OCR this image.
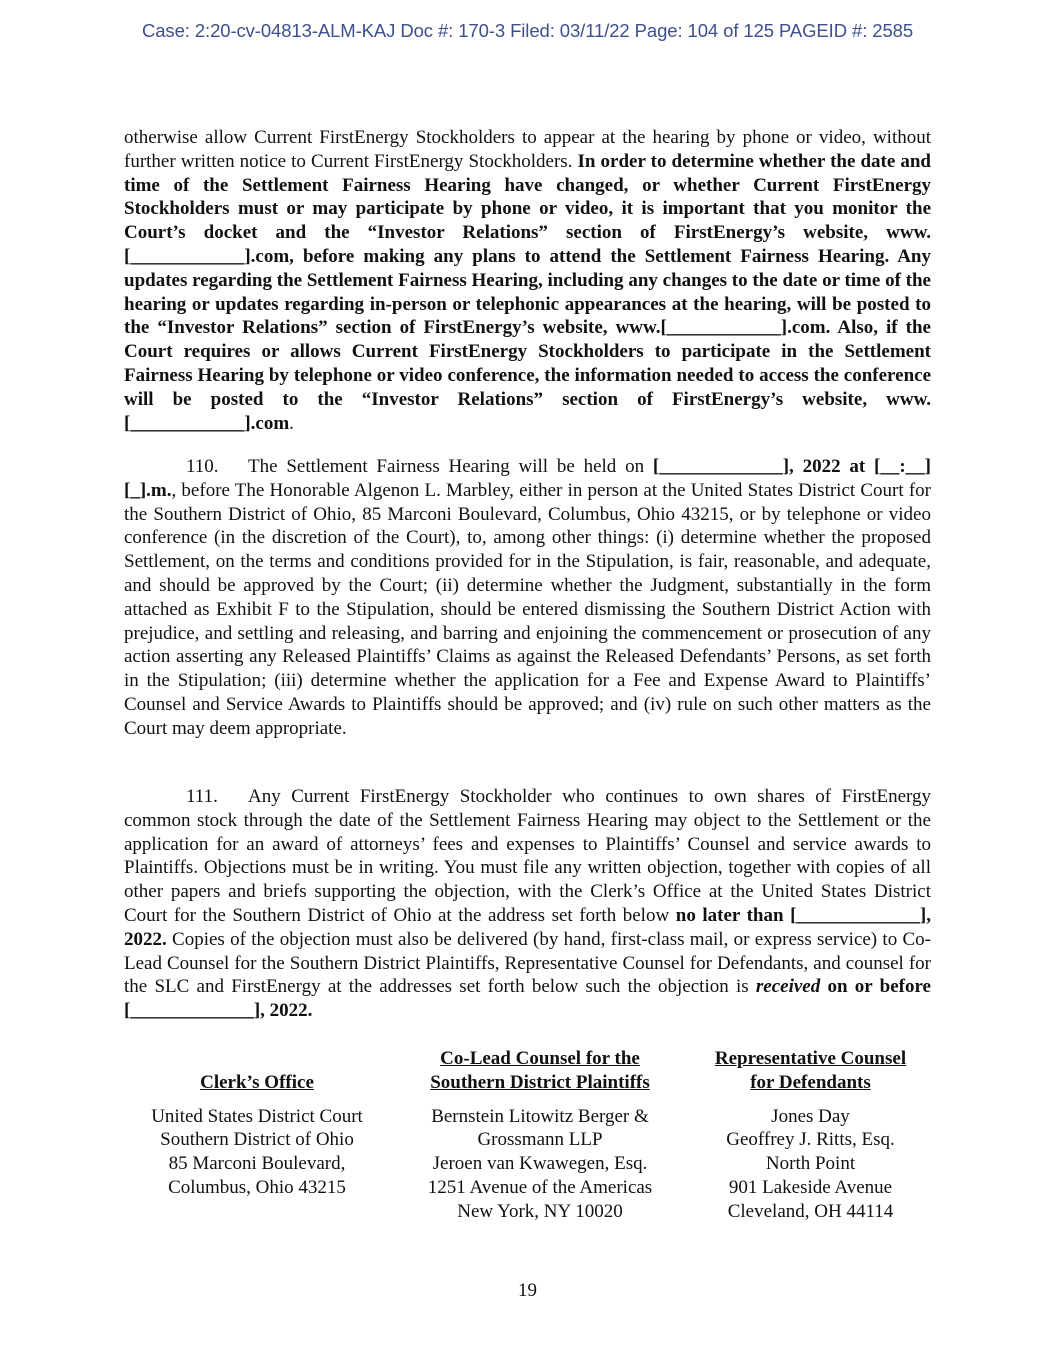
Case: 2:20-cv-04813-ALM-KAJ Doc #: 170-3 Filed: 03/11/22 Page: 104 of 125 PAGEID #: 2585

otherwise allow Current FirstEnergy Stockholders to appear at the hearing by phone or video, without further written notice to Current FirstEnergy Stockholders. In order to determine whether the date and time of the Settlement Fairness Hearing have changed, or whether Current FirstEnergy Stockholders must or may participate by phone or video, it is important that you monitor the Court’s docket and the “Investor Relations” section of FirstEnergy’s website, www.[____________].com, before making any plans to attend the Settlement Fairness Hearing. Any updates regarding the Settlement Fairness Hearing, including any changes to the date or time of the hearing or updates regarding in-person or telephonic appearances at the hearing, will be posted to the “Investor Relations” section of FirstEnergy’s website, www.[____________].com. Also, if the Court requires or allows Current FirstEnergy Stockholders to participate in the Settlement Fairness Hearing by telephone or video conference, the information needed to access the conference will be posted to the “Investor Relations” section of FirstEnergy’s website, www.[____________].com.

110. The Settlement Fairness Hearing will be held on [_____________], 2022 at [__:__] [_].m., before The Honorable Algenon L. Marbley, either in person at the United States District Court for the Southern District of Ohio, 85 Marconi Boulevard, Columbus, Ohio 43215, or by telephone or video conference (in the discretion of the Court), to, among other things: (i) determine whether the proposed Settlement, on the terms and conditions provided for in the Stipulation, is fair, reasonable, and adequate, and should be approved by the Court; (ii) determine whether the Judgment, substantially in the form attached as Exhibit F to the Stipulation, should be entered dismissing the Southern District Action with prejudice, and settling and releasing, and barring and enjoining the commencement or prosecution of any action asserting any Released Plaintiffs’ Claims as against the Released Defendants’ Persons, as set forth in the Stipulation; (iii) determine whether the application for a Fee and Expense Award to Plaintiffs’ Counsel and Service Awards to Plaintiffs should be approved; and (iv) rule on such other matters as the Court may deem appropriate.

111. Any Current FirstEnergy Stockholder who continues to own shares of FirstEnergy common stock through the date of the Settlement Fairness Hearing may object to the Settlement or the application for an award of attorneys’ fees and expenses to Plaintiffs’ Counsel and service awards to Plaintiffs. Objections must be in writing. You must file any written objection, together with copies of all other papers and briefs supporting the objection, with the Clerk’s Office at the United States District Court for the Southern District of Ohio at the address set forth below no later than [_____________], 2022. Copies of the objection must also be delivered (by hand, first-class mail, or express service) to Co-Lead Counsel for the Southern District Plaintiffs, Representative Counsel for Defendants, and counsel for the SLC and FirstEnergy at the addresses set forth below such the objection is received on or before [_____________], 2022.

Clerk’s Office
United States District Court
Southern District of Ohio
85 Marconi Boulevard,
Columbus, Ohio 43215
Co-Lead Counsel for the
Southern District Plaintiffs
Bernstein Litowitz Berger &
Grossmann LLP
Jeroen van Kwawegen, Esq.
1251 Avenue of the Americas
New York, NY 10020
Representative Counsel
for Defendants
Jones Day
Geoffrey J. Ritts, Esq.
North Point
901 Lakeside Avenue
Cleveland, OH 44114
19
